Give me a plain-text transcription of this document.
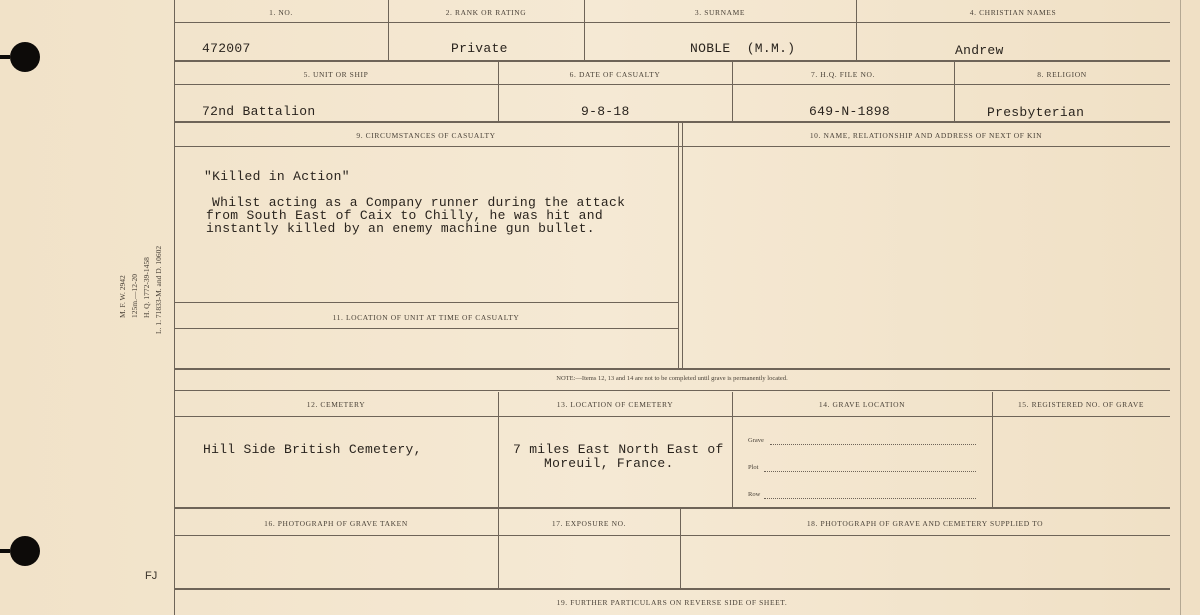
M. F. W. 2942 125m.—12-20 H. Q. 1772-39-1458 L. 1. 71833-M. and D. 10602
FJ
1. NO.	2. RANK OR RATING	3. SURNAME	4. CHRISTIAN NAMES
472007	Private	NOBLE  (M.M.)	Andrew
5. UNIT OR SHIP	6. DATE OF CASUALTY	7. H.Q. FILE NO.	8. RELIGION
72nd Battalion	9-8-18	649-N-1898	Presbyterian
9. CIRCUMSTANCES OF CASUALTY	10. NAME, RELATIONSHIP AND ADDRESS OF NEXT OF KIN
11. LOCATION OF UNIT AT TIME OF CASUALTY
"Killed in Action"
Whilst acting as a Company runner during the attack
from South East of Caix to Chilly, he was hit and
instantly killed by an enemy machine gun bullet.
NOTE:—Items 12, 13 and 14 are not to be completed until grave is permanently located.
12. CEMETERY	13. LOCATION OF CEMETERY	14. GRAVE LOCATION	15. REGISTERED NO. OF GRAVE
Hill Side British Cemetery,	7 miles East North East of
Moreuil, France.
Grave
Plot
Row
16. PHOTOGRAPH OF GRAVE TAKEN	17. EXPOSURE NO.	18. PHOTOGRAPH OF GRAVE AND CEMETERY SUPPLIED TO
19. FURTHER PARTICULARS ON REVERSE SIDE OF SHEET.
